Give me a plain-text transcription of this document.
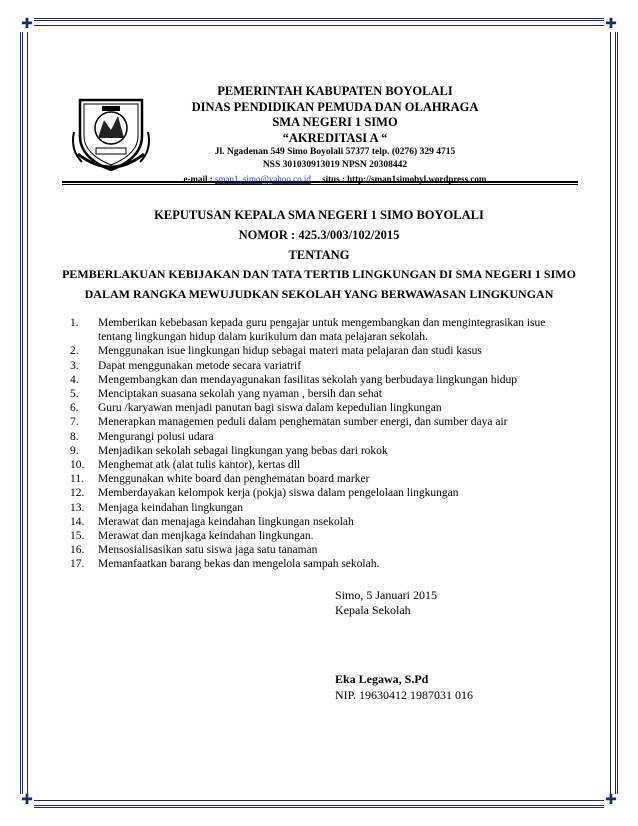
✚	✚
✚	✚
PEMERINTAH KABUPATEN BOYOLALI
DINAS PENDIDIKAN PEMUDA DAN OLAHRAGA
SMA NEGERI 1 SIMO
“AKREDITASI A “
Jl. Ngadenan 549 Simo Boyolali 57377 telp. (0276) 329 4715
NSS 301030913019 NPSN 20308442
e-mail : sman1_simo@yahoo.co.id situs : http://sman1simobyl.wordpress.com
KEPUTUSAN KEPALA SMA NEGERI 1 SIMO BOYOLALI
NOMOR : 425.3/003/102/2015
TENTANG
PEMBERLAKUAN KEBIJAKAN DAN TATA TERTIB LINGKUNGAN DI SMA NEGERI 1 SIMO
DALAM RANGKA MEWUJUDKAN SEKOLAH YANG BERWAWASAN LINGKUNGAN
1.	Memberikan kebebasan kepada guru pengajar untuk mengembangkan dan mengintegrasikan isue
tentang lingkungan hidup dalam kurikulum dan mata pelajaran sekolah.
2.	Menggunakan isue lingkungan hidup sebagai materi mata pelajaran dan studi kasus
3.	Dapat menggunakan metode secara variatrif
4.	Mengembangkan dan mendayagunakan fasilitas sekolah yang berbudaya lingkungan hidup
5.	Menciptakan suasana sekolah yang nyaman , bersih dan sehat
6.	Guru /karyawan menjadi panutan bagi siswa dalam kepedulian lingkungan
7.	Menerapkan managemen peduli dalam penghematan sumber energi, dan sumber daya air
8.	Mengurangi polusi udara
9.	Menjadikan sekolah sebagai lingkungan yang bebas dari rokok
10.	Menghemat atk (alat tulis kantor), kertas dll
11.	Menggunakan white board dan penghematan board marker
12.	Memberdayakan kelompok kerja (pokja) siswa dalam pengelolaan lingkungan
13.	Menjaga keindahan lingkungan
14.	Merawat dan menajaga keindahan lingkungan nsekolah
15.	Merawat dan menjkaga keindahan lingkungan.
16.	Mensosialisasikan satu siswa jaga satu tanaman
17.	Memanfaatkan barang bekas dan mengelola sampah sekolah.
Simo, 5 Januari 2015
Kepala Sekolah
Eka Legawa, S.Pd
NIP. 19630412 1987031 016
